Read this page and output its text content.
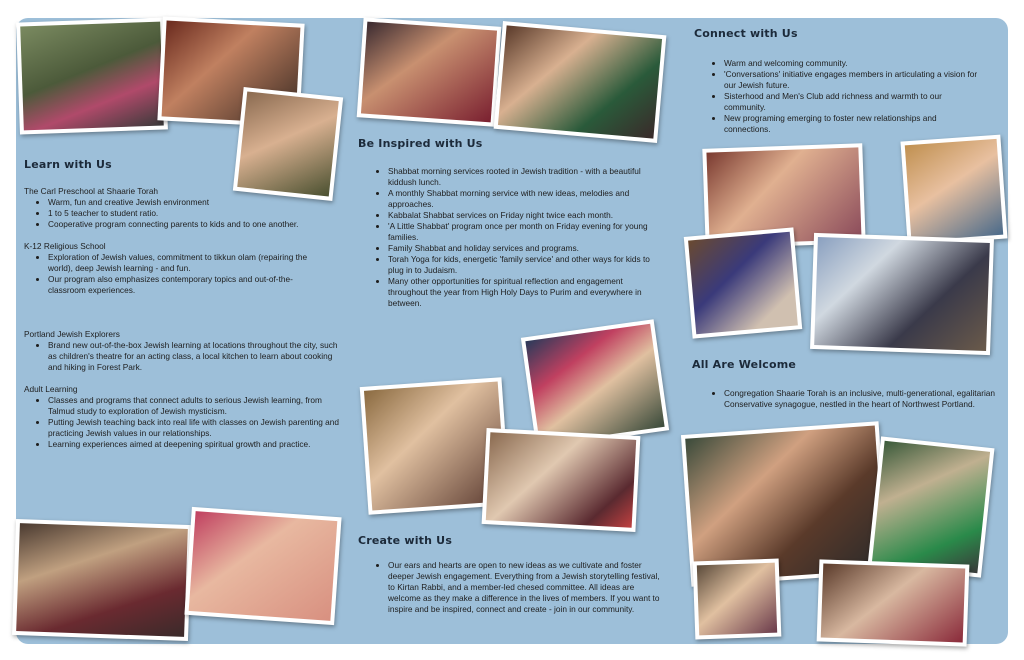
Learn with Us

The Carl Preschool at Shaarie Torah

• Warm, fun and creative Jewish environment
• 1 to 5 teacher to student ratio.
• Cooperative program connecting parents to kids and to one another.

K-12 Religious School

• Exploration of Jewish values, commitment to tikkun olam (repairing the world), deep Jewish learning - and fun.
• Our program also emphasizes contemporary topics and out-of-the-classroom experiences.

Portland Jewish Explorers

• Brand new out-of-the-box Jewish learning at locations throughout the city, such as children's theatre for an acting class, a local kitchen to learn about cooking and hiking in Forest Park.

Adult Learning

• Classes and programs that connect adults to serious Jewish learning, from Talmud study to exploration of Jewish mysticism.
• Putting Jewish teaching back into real life with classes on Jewish parenting and practicing Jewish values in our relationships.
• Learning experiences aimed at deepening spiritual growth and practice.
Be Inspired with Us
• Shabbat morning services rooted in Jewish tradition - with a beautiful kiddush lunch.
• A monthly Shabbat morning service with new ideas, melodies and approaches.
• Kabbalat Shabbat services on Friday night twice each month.
• 'A Little Shabbat' program once per month on Friday evening for young families.
• Family Shabbat and holiday services and programs.
• Torah Yoga for kids, energetic 'family service' and other ways for kids to plug in to Judaism.
• Many other opportunities for spiritual reflection and engagement throughout the year from High Holy Days to Purim and everywhere in between.
Create with Us
• Our ears and hearts are open to new ideas as we cultivate and foster deeper Jewish engagement. Everything from a Jewish storytelling festival, to Kirtan Rabbi, and a member-led chesed committee. All ideas are welcome as they make a difference in the lives of members. If you want to inspire and be inspired, connect and create - join in our community.
Connect with Us
• Warm and welcoming community.
• 'Conversations' initiative engages members in articulating a vision for our Jewish future.
• Sisterhood and Men's Club add richness and warmth to our community.
• New programing emerging to foster new relationships and connections.
All Are Welcome
• Congregation Shaarie Torah is an inclusive, multi-generational, egalitarian Conservative synagogue, nestled in the heart of Northwest Portland.
